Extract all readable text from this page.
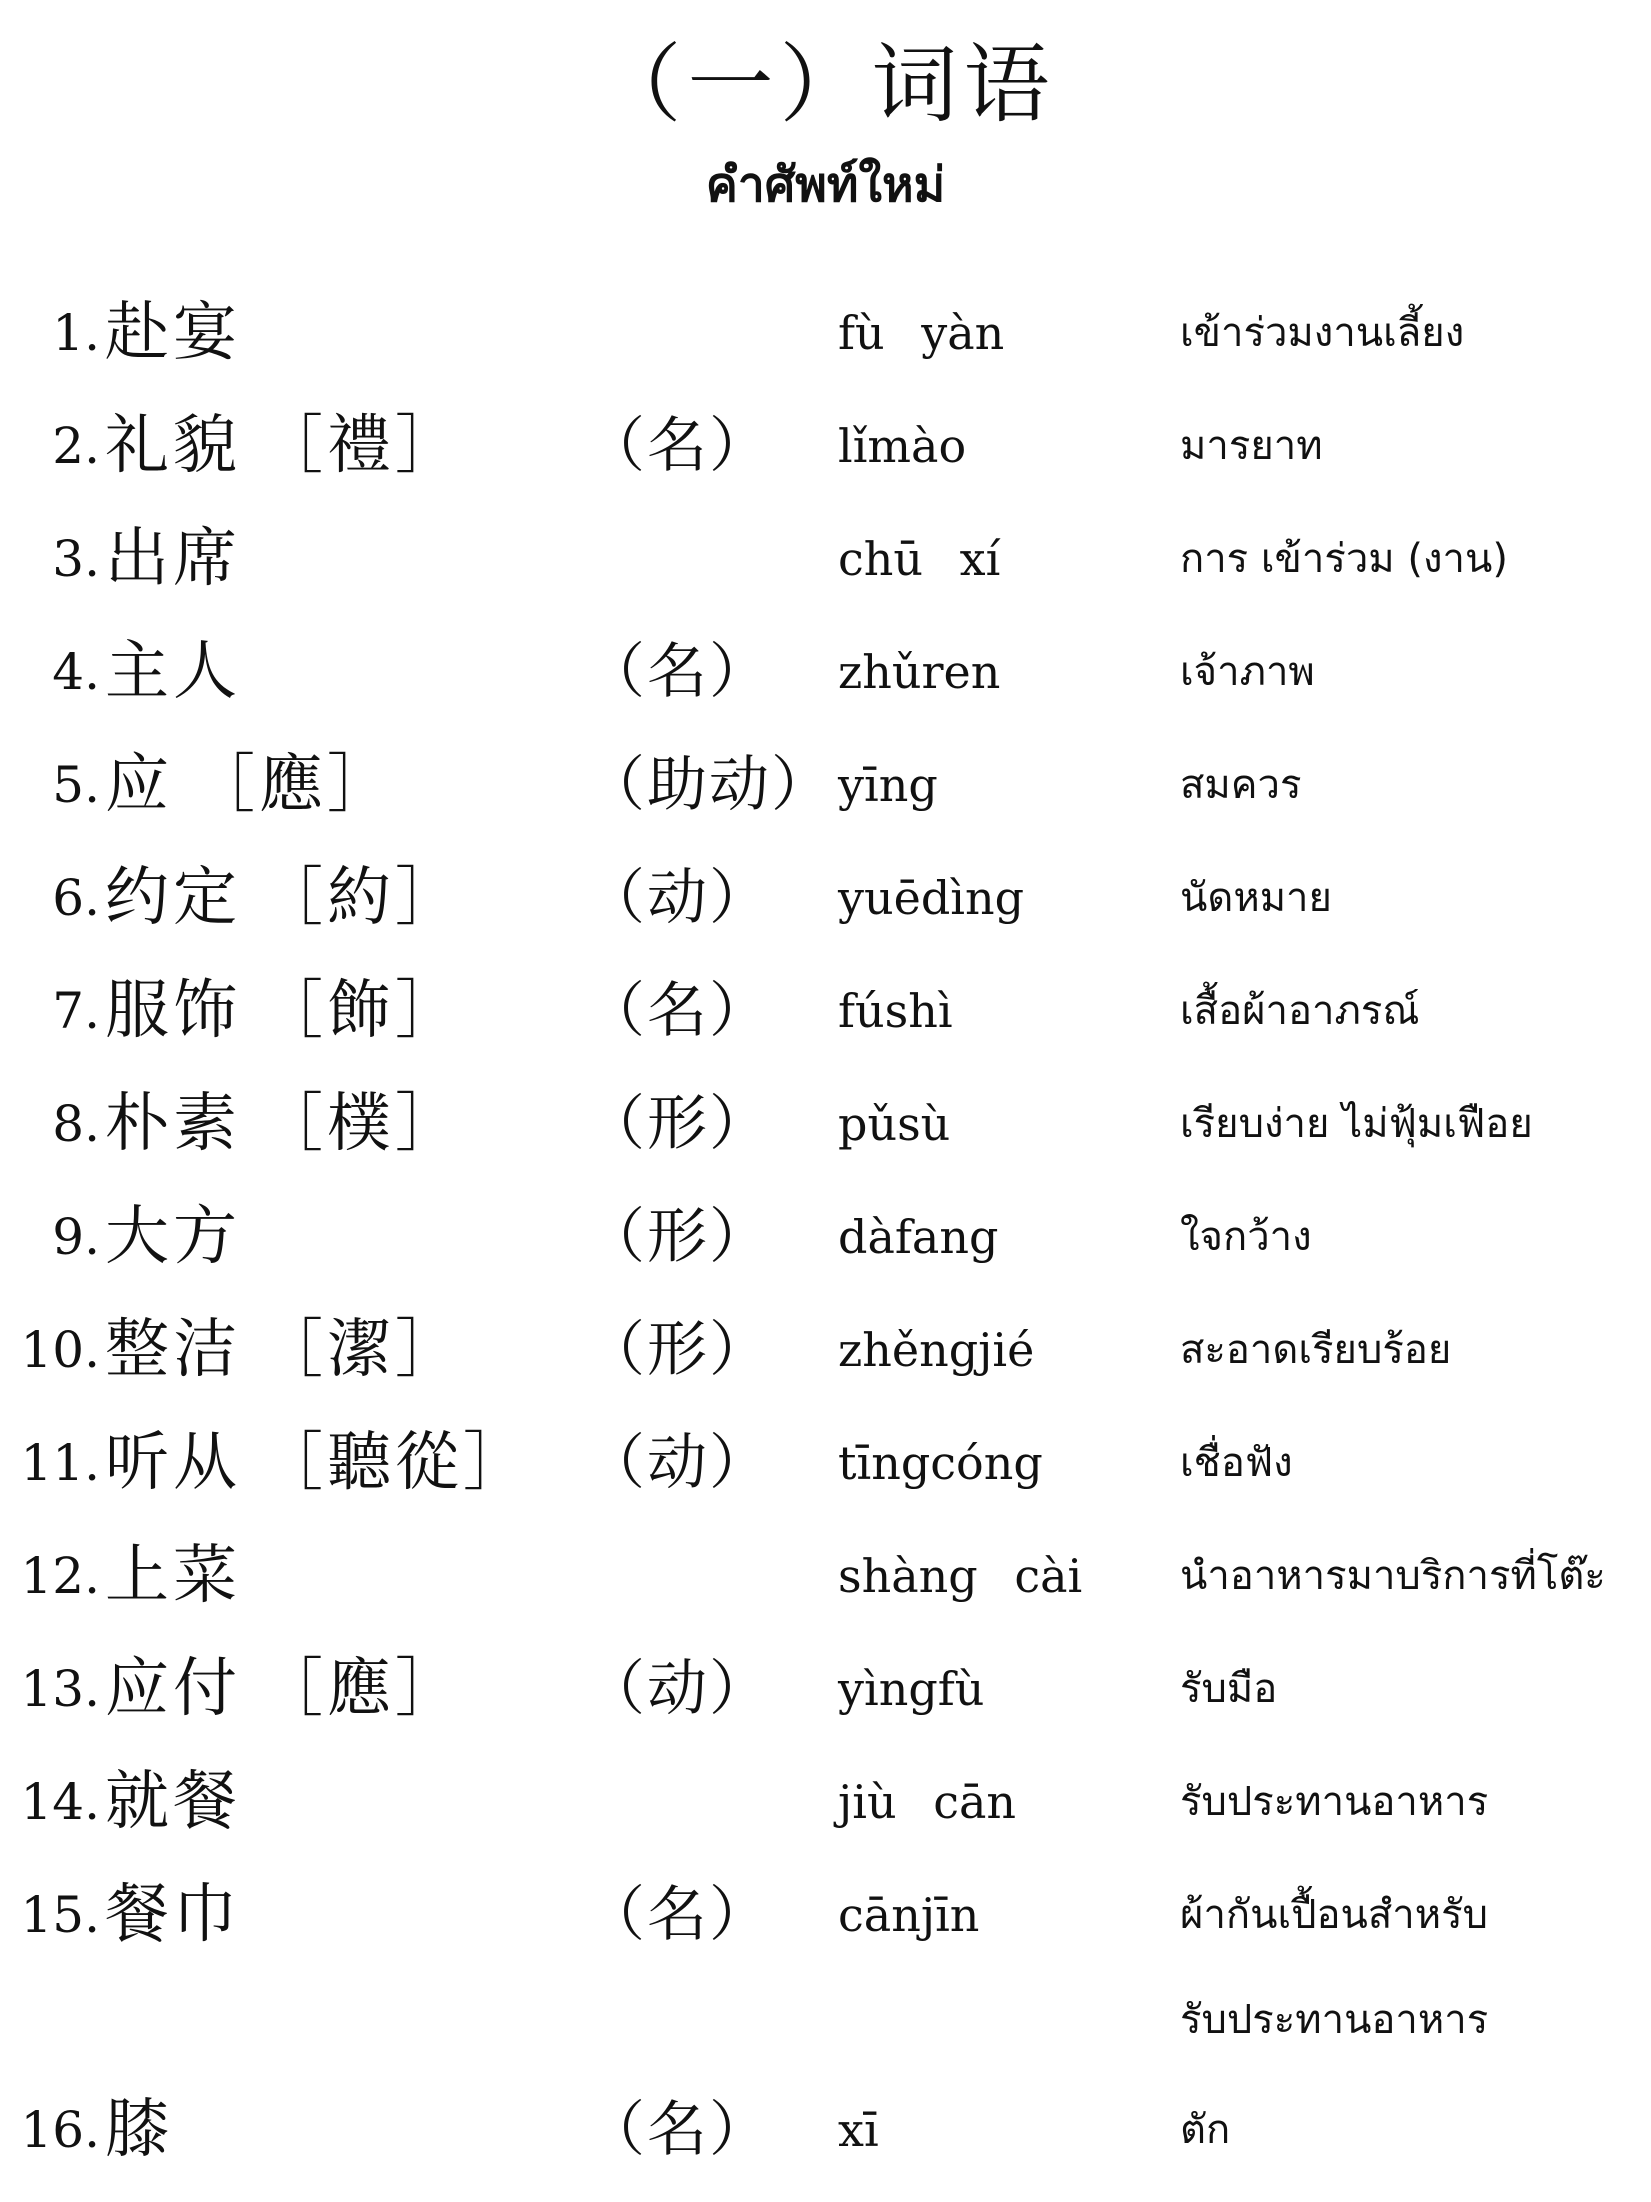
（一）词语
คำศัพท์ใหม่
1. 赴宴	fù yàn	เข้าร่วมงานเลี้ยง
2. 礼貌 ［禮］	（名）	lǐmào	มารยาท
3. 出席	chū xí	การ เข้าร่วม (งาน)
4. 主人	（名）	zhǔren	เจ้าภาพ
5. 应 ［應］	（助动） yīng	สมควร
6. 约定 ［約］	（动）	yuēdìng	นัดหมาย
7. 服饰 ［飾］	（名）	fúshì	เสื้อผ้าอาภรณ์
8. 朴素 ［樸］	（形）	pǔsù	เรียบง่าย ไม่ฟุ้มเฟือย
9. 大方	（形）	dàfang	ใจกว้าง
10. 整洁 ［潔］	（形）	zhěngjié	สะอาดเรียบร้อย
11. 听从 ［聽從］ （动）	tīngcóng	เชื่อฟัง
12. 上菜	shàng cài	นำอาหารมาบริการที่โต๊ะ
13. 应付 ［應］	（动）	yìngfù	รับมือ
14. 就餐	jiù cān	รับประทานอาหาร
15. 餐巾	（名）	cānjīn	ผ้ากันเปื้อนสำหรับ
รับประทานอาหาร
16. 膝	（名）	xī	ตัก
